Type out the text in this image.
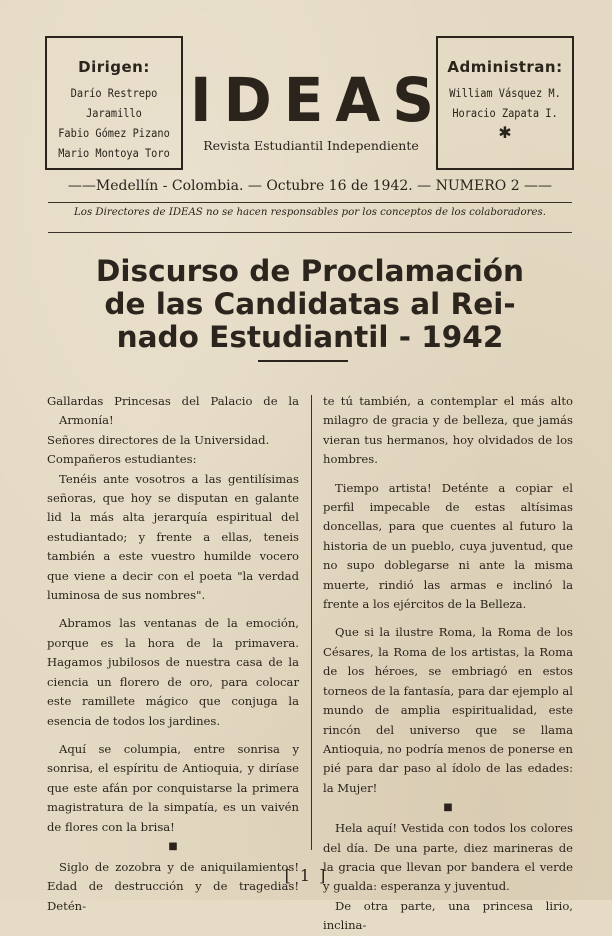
Dirigen:
Darío Restrepo Jaramillo
Fabio Gómez Pizano
Mario Montoya Toro
IDEAS
Revista Estudiantil Independiente
Administran:
William Vásquez M.
Horacio Zapata I.
✱
——Medellín - Colombia. — Octubre 16 de 1942. — NUMERO 2 ——
Los Directores de IDEAS no se hacen responsables por los conceptos de los colaboradores.
Discurso de Proclamación
de las Candidatas al Rei-
nado Estudiantil - 1942

Gallardas Princesas del Palacio de la Armonía!

Señores directores de la Universidad.

Compañeros estudiantes:

Tenéis ante vosotros a las gentilísimas señoras, que hoy se disputan en galante lid la más alta jerarquía espiritual del estudiantado; y frente a ellas, teneis también a este vuestro humilde vocero que viene a decir con el poeta "la verdad luminosa de sus nombres".

Abramos las ventanas de la emoción, porque es la hora de la primavera. Hagamos jubilosos de nuestra casa de la ciencia un florero de oro, para colocar este ramillete mágico que conjuga la esencia de todos los jardines.

Aquí se columpia, entre sonrisa y sonrisa, el espíritu de Antioquia, y diríase que este afán por conquistarse la primera magistratura de la simpatía, es un vaivén de flores con la brisa!

■

Siglo de zozobra y de aniquilamientos! Edad de destrucción y de tragedias! Detén-

te tú también, a contemplar el más alto milagro de gracia y de belleza, que jamás vieran tus hermanos, hoy olvidados de los hombres.

Tiempo artista! Deténte a copiar el perfil impecable de estas altísimas doncellas, para que cuentes al futuro la historia de un pueblo, cuya juventud, que no supo doblegarse ni ante la misma muerte, rindió las armas e inclinó la frente a los ejércitos de la Belleza.

Que si la ilustre Roma, la Roma de los Césares, la Roma de los artistas, la Roma de los héroes, se embriagó en estos torneos de la fantasía, para dar ejemplo al mundo de amplia espiritualidad, este rincón del universo que se llama Antioquia, no podría menos de ponerse en pié para dar paso al ídolo de las edades: la Mujer!

■

Hela aquí! Vestida con todos los colores del día. De una parte, diez marineras de la gracia que llevan por bandera el verde y gualda: esperanza y juventud.

De otra parte, una princesa lirio, inclina-

[ 1 ]
